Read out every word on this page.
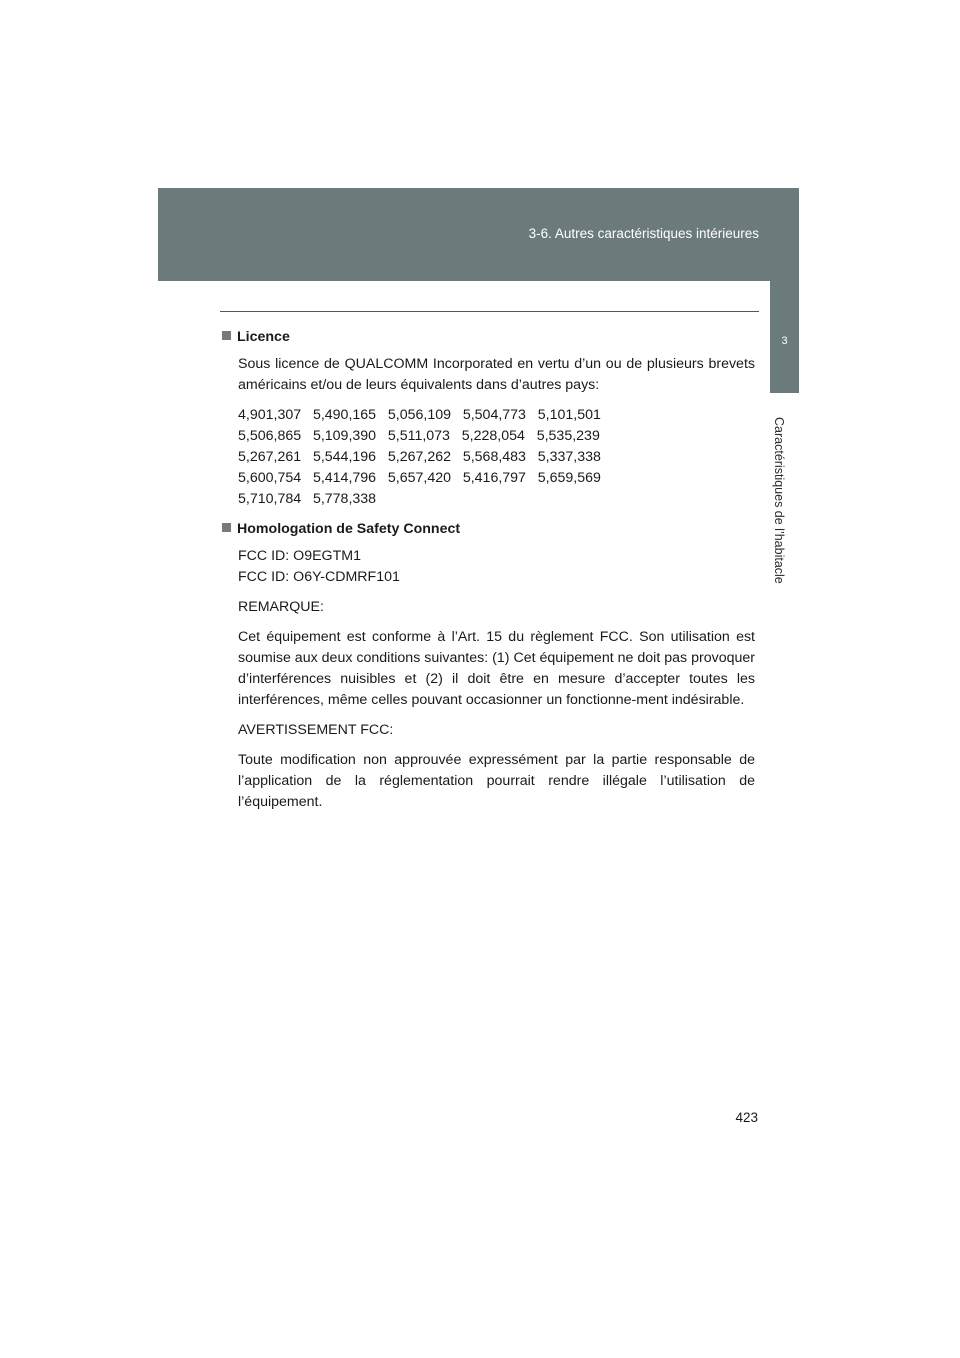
3-6. Autres caractéristiques intérieures
3
Caractéristiques de l’habitacle
Licence

Sous licence de QUALCOMM Incorporated en vertu d’un ou de plusieurs brevets américains et/ou de leurs équivalents dans d’autres pays:

4,901,307   5,490,165   5,056,109   5,504,773   5,101,501
5,506,865   5,109,390   5,511,073   5,228,054   5,535,239
5,267,261   5,544,196   5,267,262   5,568,483   5,337,338
5,600,754   5,414,796   5,657,420   5,416,797   5,659,569
5,710,784   5,778,338
Homologation de Safety Connect
FCC ID: O9EGTM1
FCC ID: O6Y-CDMRF101

REMARQUE:

Cet équipement est conforme à l’Art. 15 du règlement FCC. Son utilisation est soumise aux deux conditions suivantes: (1) Cet équipement ne doit pas provoquer d’interférences nuisibles et (2) il doit être en mesure d’accepter toutes les interférences, même celles pouvant occasionner un fonctionne-ment indésirable.

AVERTISSEMENT FCC:

Toute modification non approuvée expressément par la partie responsable de l’application de la réglementation pourrait rendre illégale l’utilisation de l’équipement.

423
